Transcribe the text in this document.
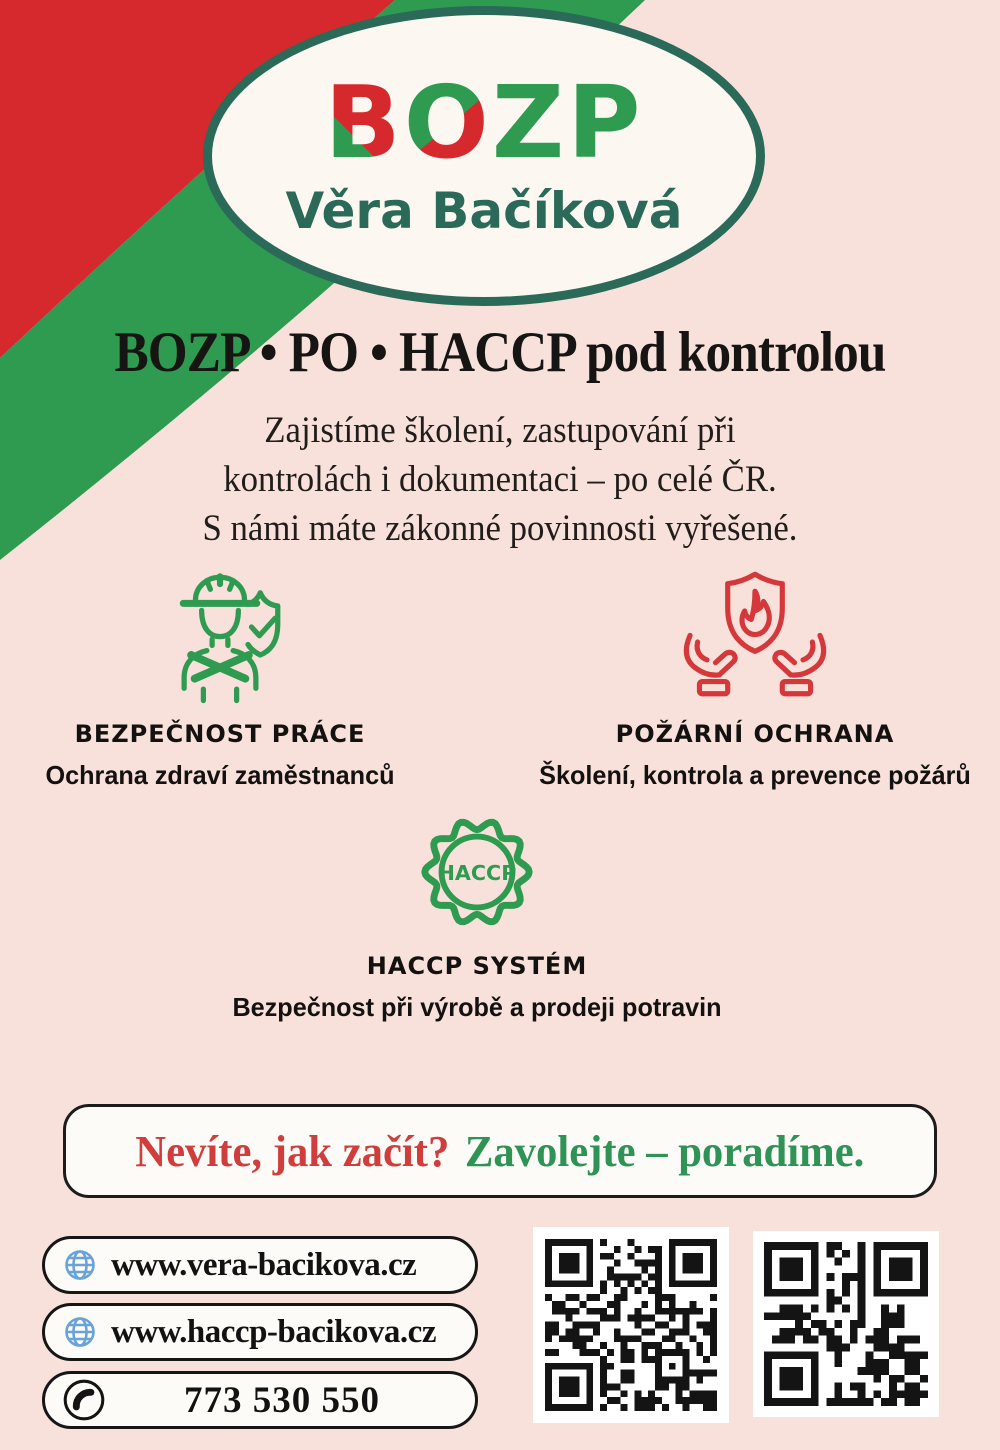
BOZP
Věra Bačíková
BOZP • PO • HACCP pod kontrolou
Zajistíme školení, zastupování při
kontrolách i dokumentaci – po celé ČR.
S námi máte zákonné povinnosti vyřešené.
BEZPEČNOST PRÁCE
Ochrana zdraví zaměstnanců
POŽÁRNÍ OCHRANA
Školení, kontrola a prevence požárů
HACCP
HACCP SYSTÉM
Bezpečnost při výrobě a prodeji potravin
Nevíte, jak začít? Zavolejte – poradíme.
www.vera-bacikova.cz
www.haccp-bacikova.cz
773 530 550
